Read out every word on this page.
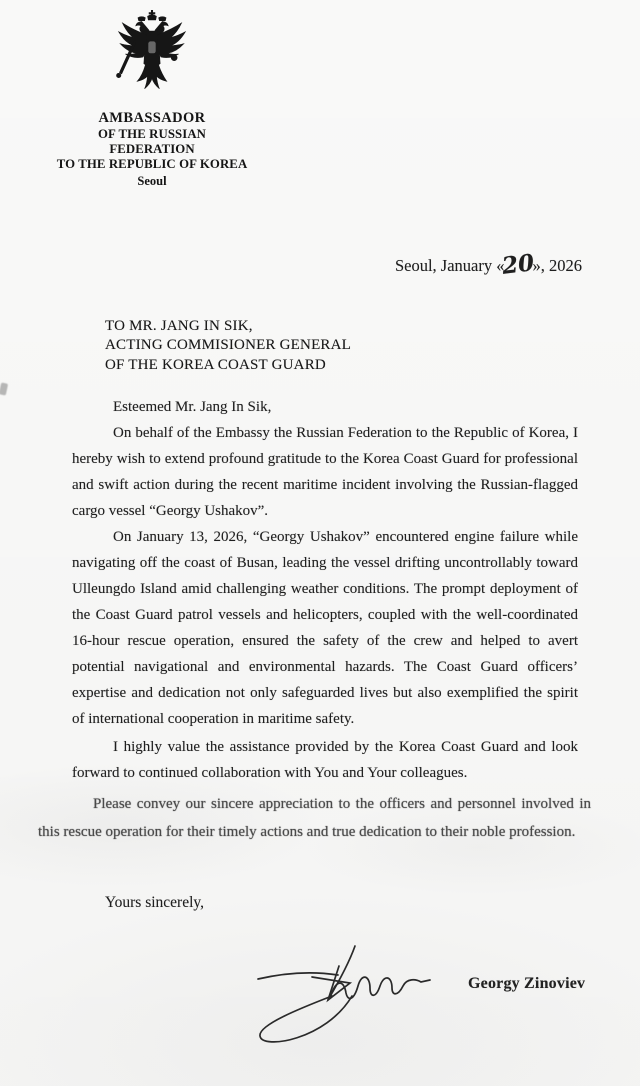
AMBASSADOR
OF THE RUSSIAN FEDERATION
TO THE REPUBLIC OF KOREA
Seoul
Seoul, January «20», 2026
TO MR. JANG IN SIK,
ACTING COMMISIONER GENERAL
OF THE KOREA COAST GUARD

Esteemed Mr. Jang In Sik,

On behalf of the Embassy the Russian Federation to the Republic of Korea, I hereby wish to extend profound gratitude to the Korea Coast Guard for professional and swift action during the recent maritime incident involving the Russian-flagged cargo vessel “Georgy Ushakov”.

On January 13, 2026, “Georgy Ushakov” encountered engine failure while navigating off the coast of Busan, leading the vessel drifting uncontrollably toward Ulleungdo Island amid challenging weather conditions. The prompt deployment of the Coast Guard patrol vessels and helicopters, coupled with the well-coordinated 16-hour rescue operation, ensured the safety of the crew and helped to avert potential navigational and environmental hazards. The Coast Guard officers’ expertise and dedication not only safeguarded lives but also exemplified the spirit of international cooperation in maritime safety.

I highly value the assistance provided by the Korea Coast Guard and look forward to continued collaboration with You and Your colleagues.

Please convey our sincere appreciation to the officers and personnel involved in this rescue operation for their timely actions and true dedication to their noble profession.
Yours sincerely,
Georgy Zinoviev
